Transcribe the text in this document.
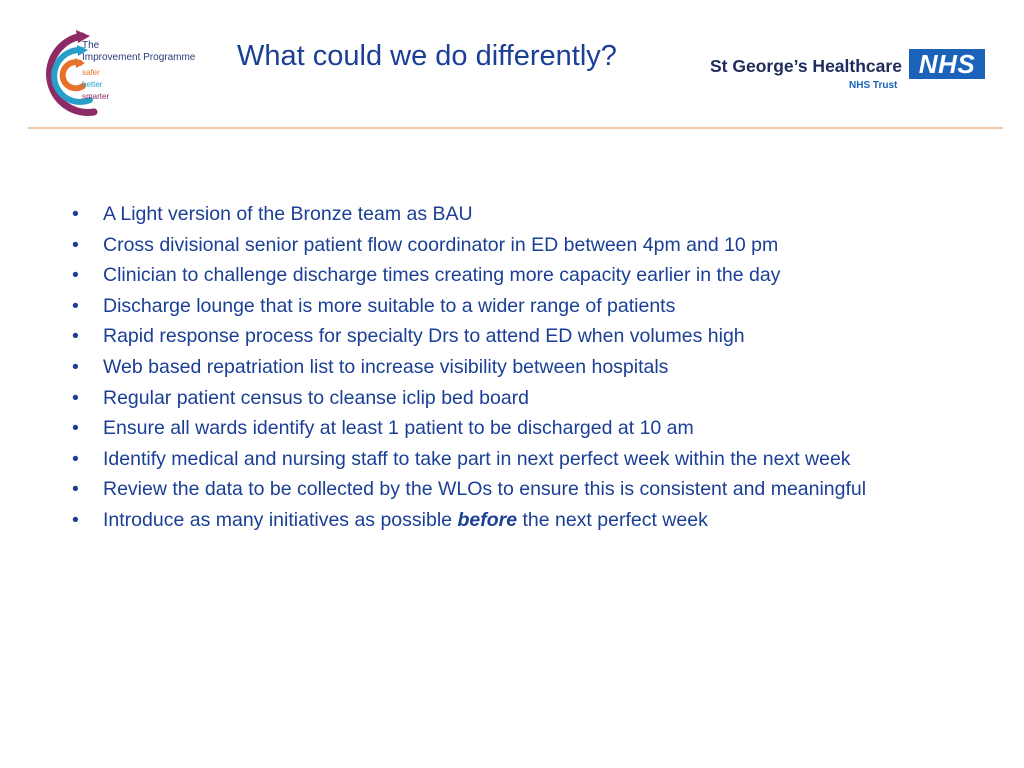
The
Improvement Programme
safer
better
smarter
What could we do differently?	St George’s Healthcare NHS
NHS Trust
• A Light version of the Bronze team as BAU
• Cross divisional senior patient flow coordinator in ED between 4pm and 10 pm
• Clinician to challenge discharge times creating more capacity earlier in the day
• Discharge lounge that is more suitable to a wider range of patients
• Rapid response process for specialty Drs to attend ED when volumes high
• Web based repatriation list to increase visibility between hospitals
• Regular patient census to cleanse iclip bed board
• Ensure all wards identify at least 1 patient to be discharged at 10 am
• Identify medical and nursing staff to take part in next perfect week within the next week
• Review the data to be collected by the WLOs to ensure this is consistent and meaningful
• Introduce as many initiatives as possible before the next perfect week
